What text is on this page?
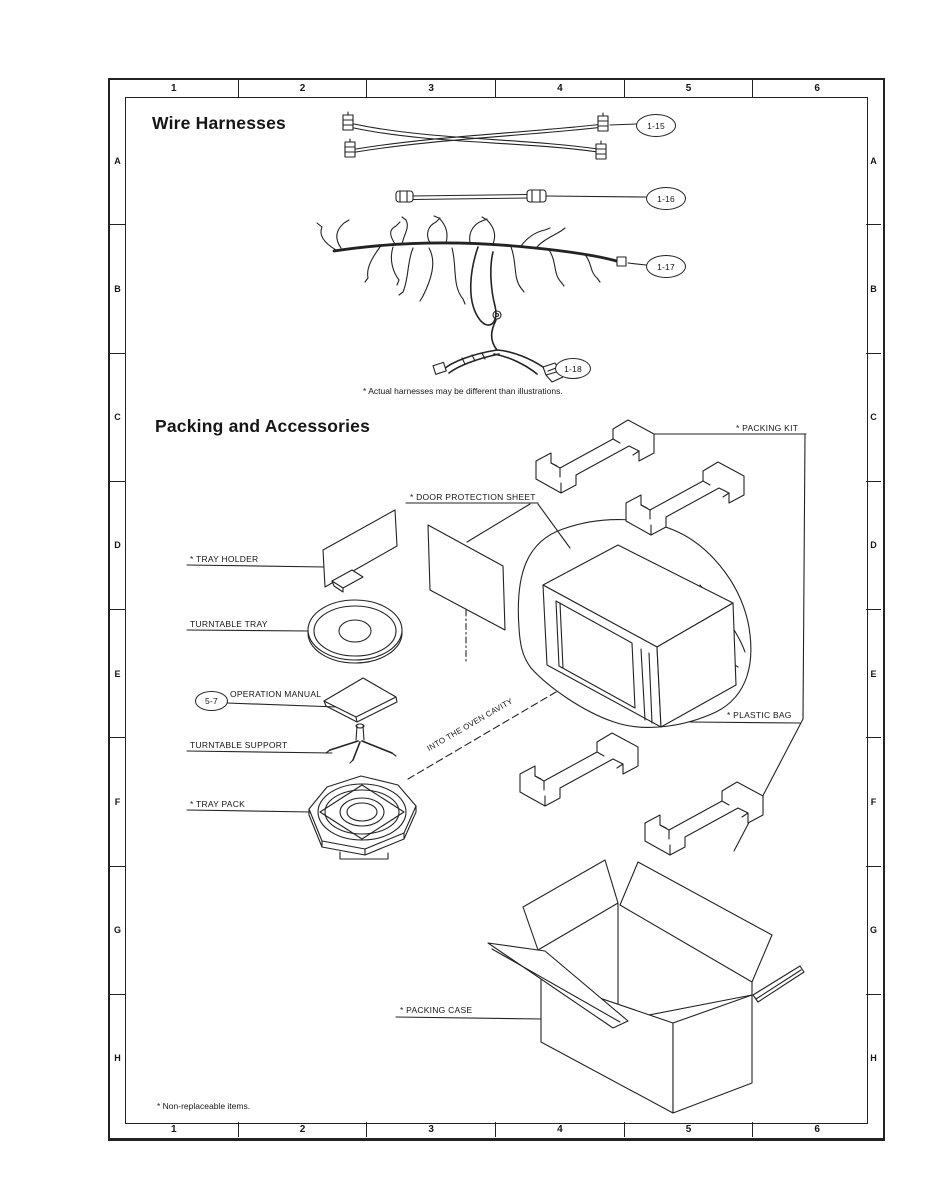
1	2	3	4	5	6
1	2	3	4	5	6
A
B
C
D
E
F
G
H
A
B
C
D
E
F
G
H
Wire Harnesses
* Actual harnesses may be different than illustrations.
Packing and Accessories	* PACKING KIT
* DOOR PROTECTION SHEET
* TRAY HOLDER
TURNTABLE TRAY
OPERATION MANUAL
TURNTABLE SUPPORT
* TRAY PACK
* PLASTIC BAG
INTO THE OVEN CAVITY
* PACKING CASE
* Non-replaceable items.
1-15
1-16
1-17
1-18
5-7
